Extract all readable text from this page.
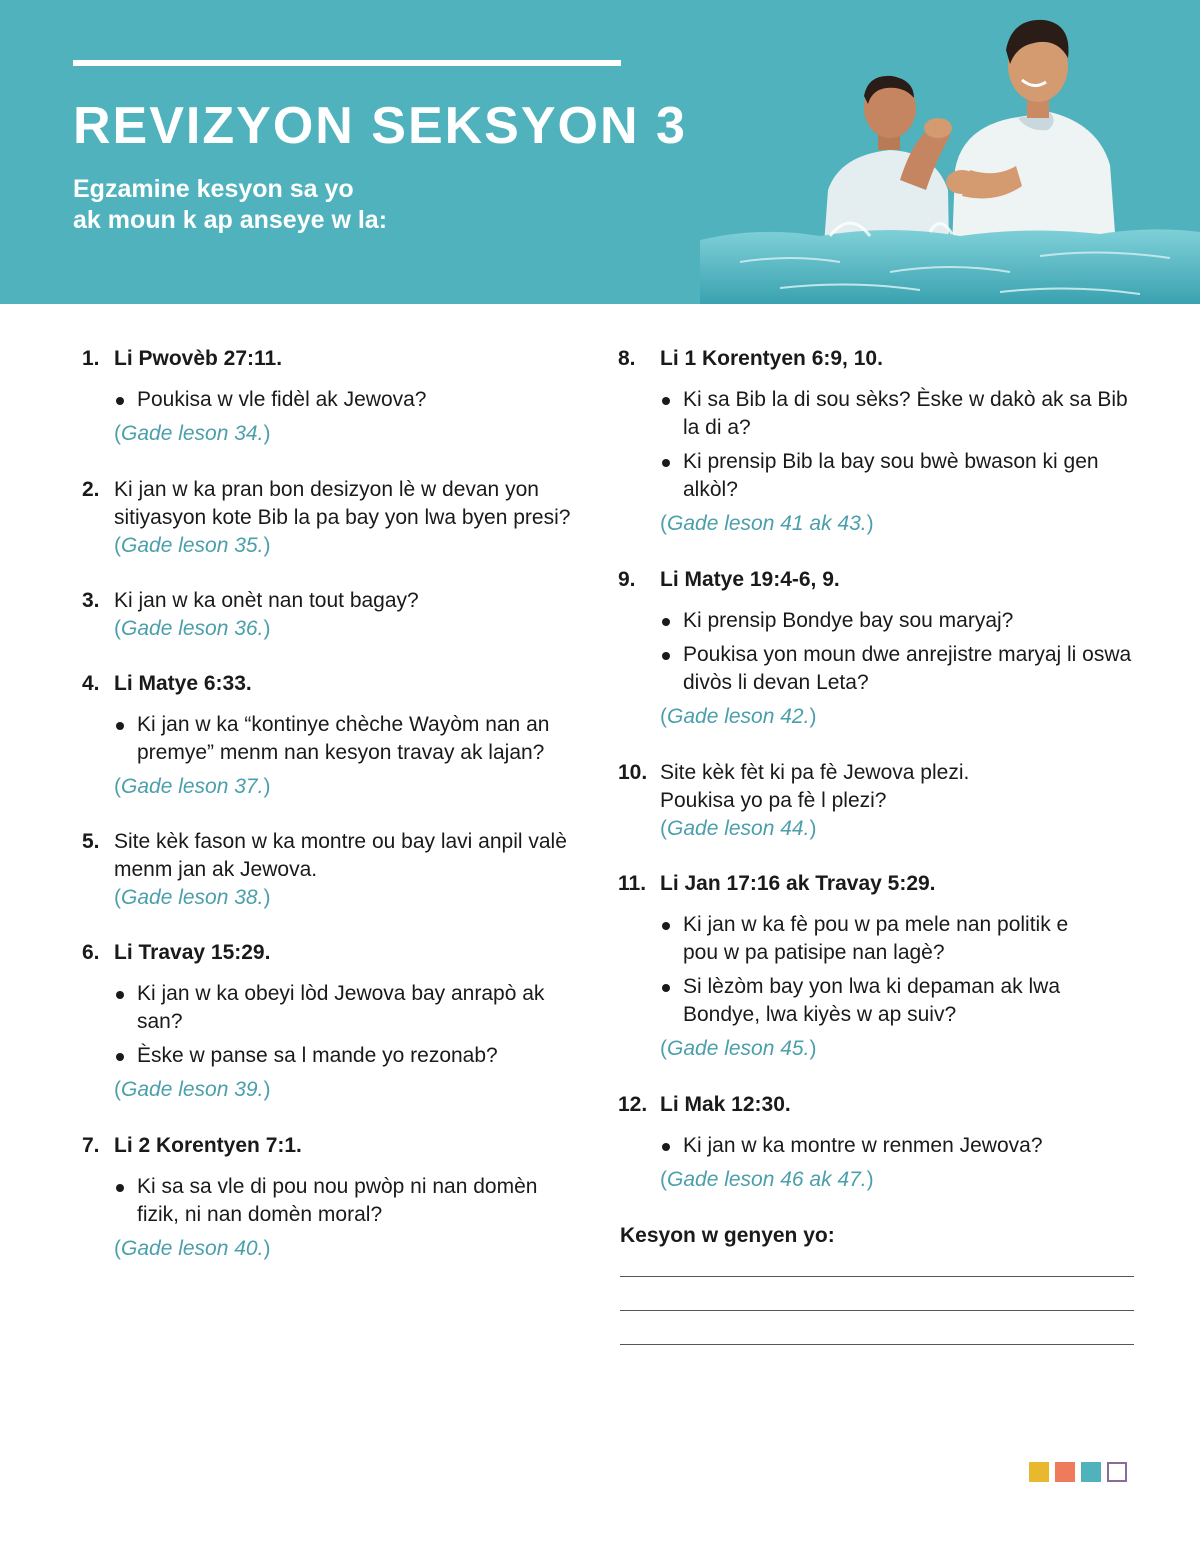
REVIZYON SEKSYON 3
Egzamine kesyon sa yo
ak moun k ap anseye w la:
1. Li Pwovèb 27:11.
Poukisa w vle fidèl ak Jewova?
(Gade leson 34.)
2. Ki jan w ka pran bon desizyon lè w devan yon sitiyasyon kote Bib la pa bay yon lwa byen presi?
(Gade leson 35.)
3. Ki jan w ka onèt nan tout bagay?
(Gade leson 36.)
4. Li Matye 6:33.
Ki jan w ka “kontinye chèche Wayòm nan an premye” menm nan kesyon travay ak lajan?
(Gade leson 37.)
5. Site kèk fason w ka montre ou bay lavi anpil valè menm jan ak Jewova.
(Gade leson 38.)
6. Li Travay 15:29.
Ki jan w ka obeyi lòd Jewova bay anrapò ak san?
Èske w panse sa l mande yo rezonab?
(Gade leson 39.)
7. Li 2 Korentyen 7:1.
Ki sa sa vle di pou nou pwòp ni nan domèn fizik, ni nan domèn moral?
(Gade leson 40.)
8.	Li 1 Korentyen 6:9, 10.
Ki sa Bib la di sou sèks? Èske w dakò ak sa Bib la di a?
Ki prensip Bib la bay sou bwè bwason ki gen alkòl?
(Gade leson 41 ak 43.)
9.	Li Matye 19:4-6, 9.
Ki prensip Bondye bay sou maryaj?
Poukisa yon moun dwe anrejistre maryaj li oswa divòs li devan Leta?
(Gade leson 42.)
10. Site kèk fèt ki pa fè Jewova plezi. Poukisa yo pa fè l plezi?
(Gade leson 44.)
11. Li Jan 17:16 ak Travay 5:29.
Ki jan w ka fè pou w pa mele nan politik e pou w pa patisipe nan lagè?
Si lèzòm bay yon lwa ki depaman ak lwa Bondye, lwa kiyès w ap suiv?
(Gade leson 45.)
12. Li Mak 12:30.
Ki jan w ka montre w renmen Jewova?
(Gade leson 46 ak 47.)
Kesyon w genyen yo:
